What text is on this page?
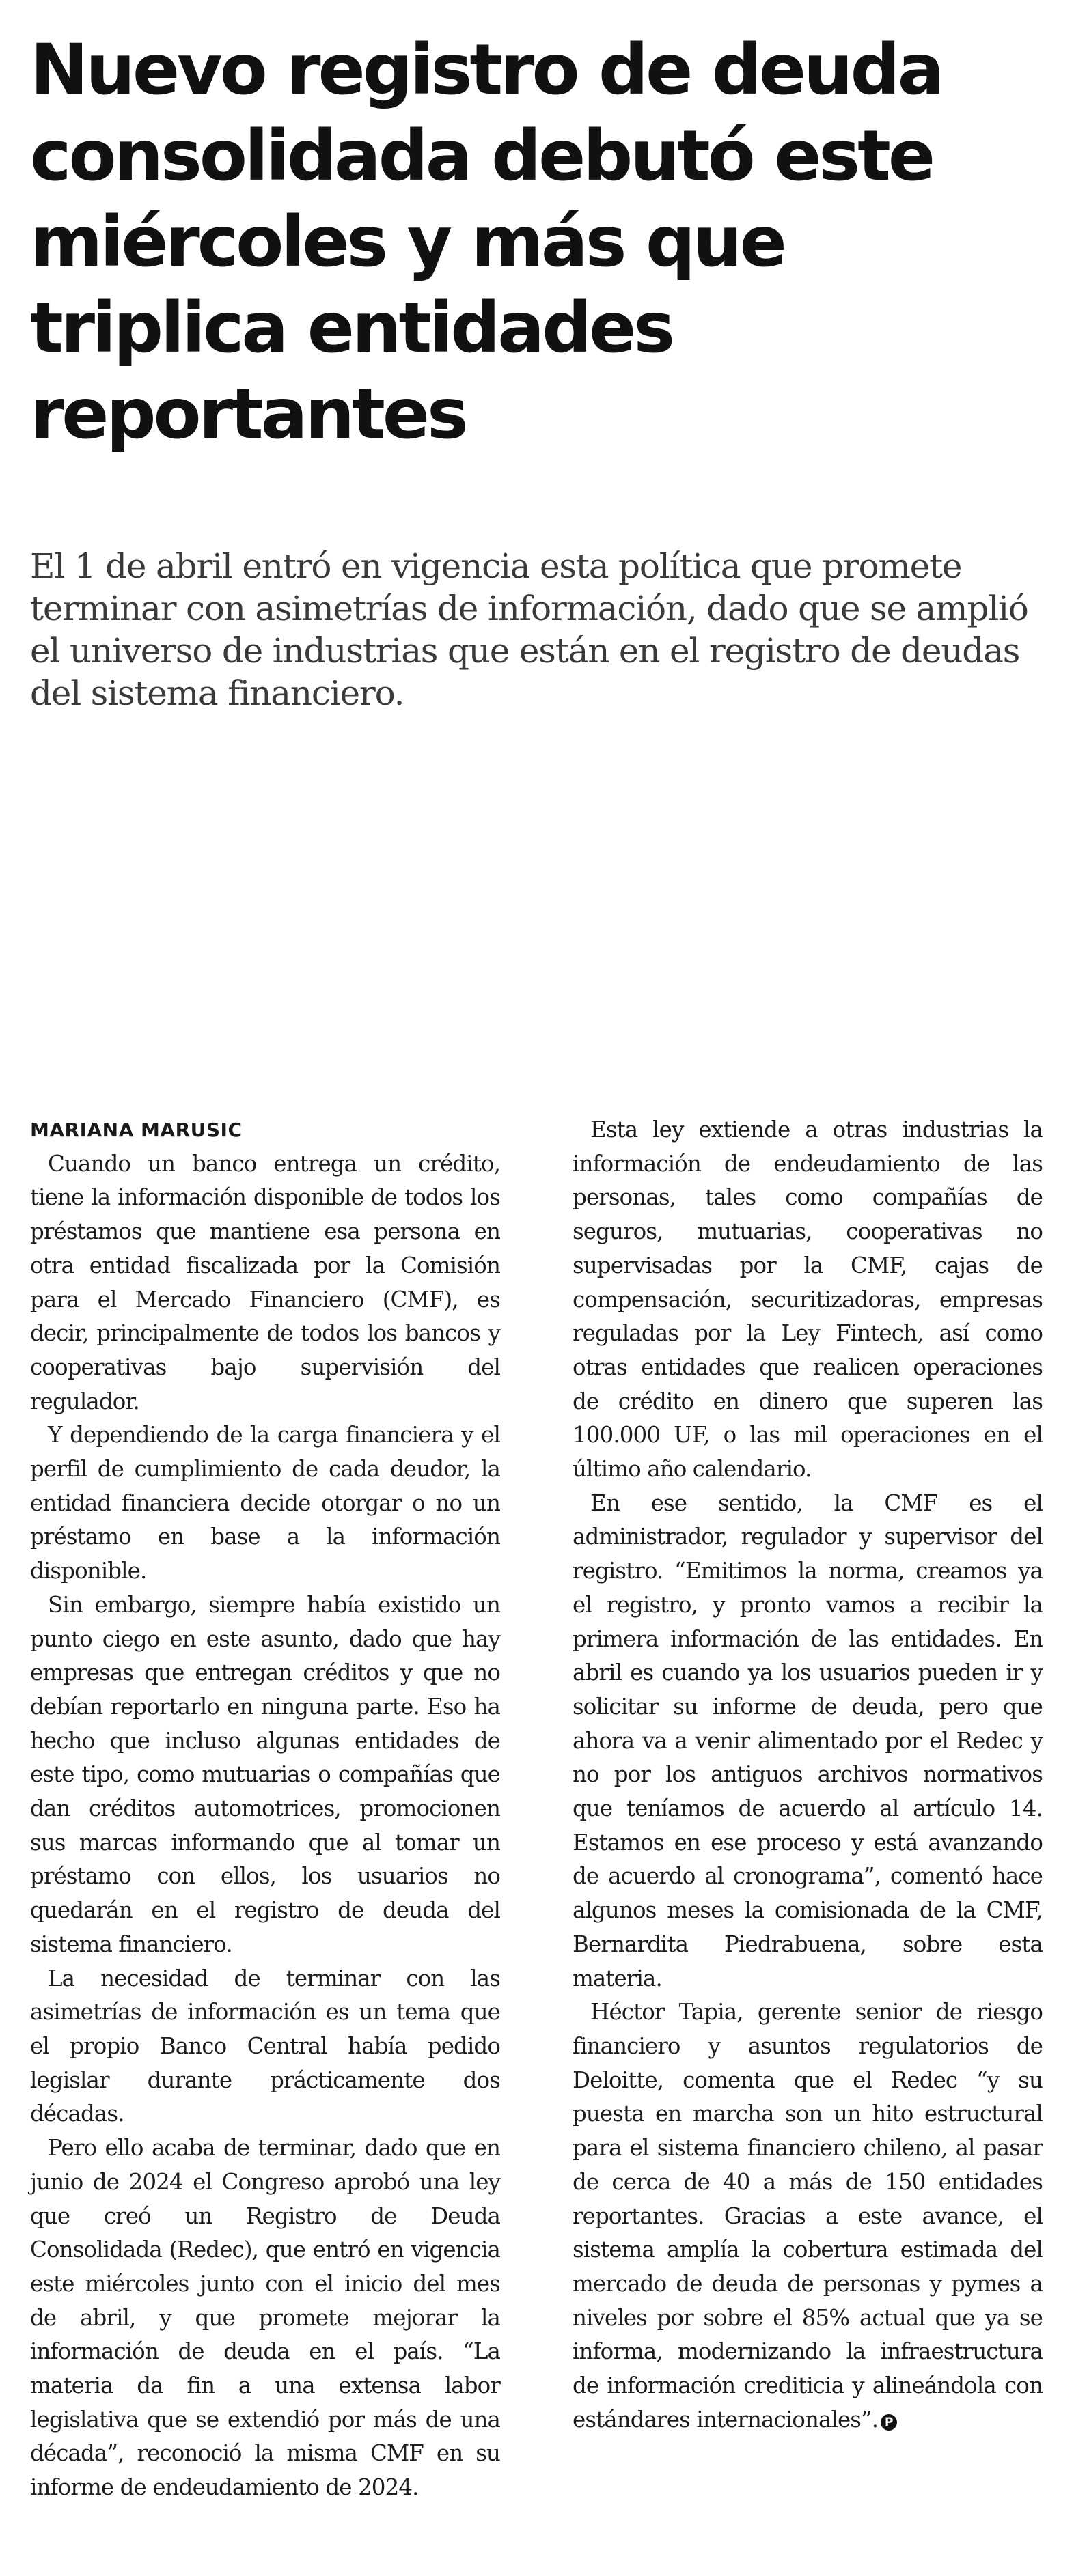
Nuevo registro de deuda consolidada debutó este miércoles y más que triplica entidades reportantes

El 1 de abril entró en vigencia esta política que promete terminar con asimetrías de información, dado que se amplió el universo de industrias que están en el registro de deudas del sistema financiero.

MARIANA MARUSIC

Cuando un banco entrega un crédito, tiene la información disponible de todos los préstamos que mantiene esa persona en otra entidad fiscalizada por la Comisión para el Mercado Financiero (CMF), es decir, principalmente de todos los bancos y cooperativas bajo supervisión del regulador.

Y dependiendo de la carga financiera y el perfil de cumplimiento de cada deudor, la entidad financiera decide otorgar o no un préstamo en base a la información disponible.

Sin embargo, siempre había existido un punto ciego en este asunto, dado que hay empresas que entregan créditos y que no debían reportarlo en ninguna parte. Eso ha hecho que incluso algunas entidades de este tipo, como mutuarias o compañías que dan créditos automotrices, promocionen sus marcas informando que al tomar un préstamo con ellos, los usuarios no quedarán en el registro de deuda del sistema financiero.

La necesidad de terminar con las asimetrías de información es un tema que el propio Banco Central había pedido legislar durante prácticamente dos décadas.

Pero ello acaba de terminar, dado que en junio de 2024 el Congreso aprobó una ley que creó un Registro de Deuda Consolidada (Redec), que entró en vigencia este miércoles junto con el inicio del mes de abril, y que promete mejorar la información de deuda en el país. “La materia da fin a una extensa labor legislativa que se extendió por más de una década”, reconoció la misma CMF en su informe de endeudamiento de 2024.

Esta ley extiende a otras industrias la información de endeudamiento de las personas, tales como compañías de seguros, mutuarias, cooperativas no supervisadas por la CMF, cajas de compensación, securitizadoras, empresas reguladas por la Ley Fintech, así como otras entidades que realicen operaciones de crédito en dinero que superen las 100.000 UF, o las mil operaciones en el último año calendario.

En ese sentido, la CMF es el administrador, regulador y supervisor del registro. “Emitimos la norma, creamos ya el registro, y pronto vamos a recibir la primera información de las entidades. En abril es cuando ya los usuarios pueden ir y solicitar su informe de deuda, pero que ahora va a venir alimentado por el Redec y no por los antiguos archivos normativos que teníamos de acuerdo al artículo 14. Estamos en ese proceso y está avanzando de acuerdo al cronograma”, comentó hace algunos meses la comisionada de la CMF, Bernardita Piedrabuena, sobre esta materia.

Héctor Tapia, gerente senior de riesgo financiero y asuntos regulatorios de Deloitte, comenta que el Redec “y su puesta en marcha son un hito estructural para el sistema financiero chileno, al pasar de cerca de 40 a más de 150 entidades reportantes. Gracias a este avance, el sistema amplía la cobertura estimada del mercado de deuda de personas y pymes a niveles por sobre el 85% actual que ya se informa, modernizando la infraestructura de información crediticia y alineándola con estándares internacionales”. P
